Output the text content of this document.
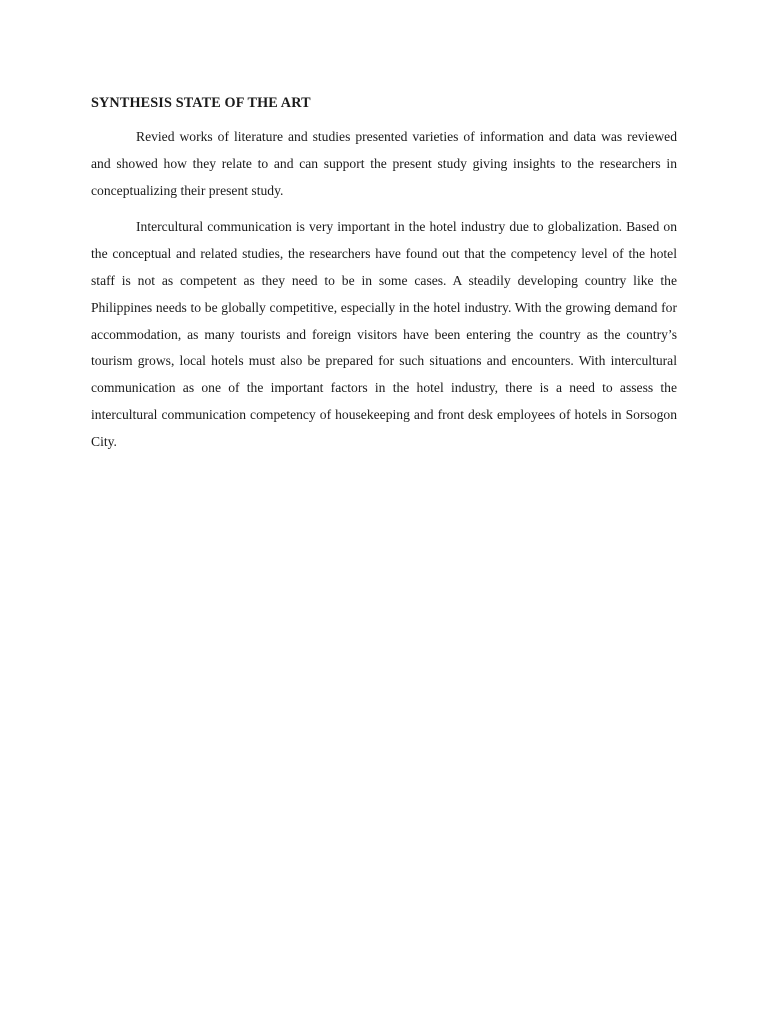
SYNTHESIS STATE OF THE ART

Revied works of literature and studies presented varieties of information and data was reviewed and showed how they relate to and can support the present study giving insights to the researchers in conceptualizing their present study.

Intercultural communication is very important in the hotel industry due to globalization. Based on the conceptual and related studies, the researchers have found out that the competency level of the hotel staff is not as competent as they need to be in some cases. A steadily developing country like the Philippines needs to be globally competitive, especially in the hotel industry. With the growing demand for accommodation, as many tourists and foreign visitors have been entering the country as the country’s tourism grows, local hotels must also be prepared for such situations and encounters. With intercultural communication as one of the important factors in the hotel industry, there is a need to assess the intercultural communication competency of housekeeping and front desk employees of hotels in Sorsogon City.
